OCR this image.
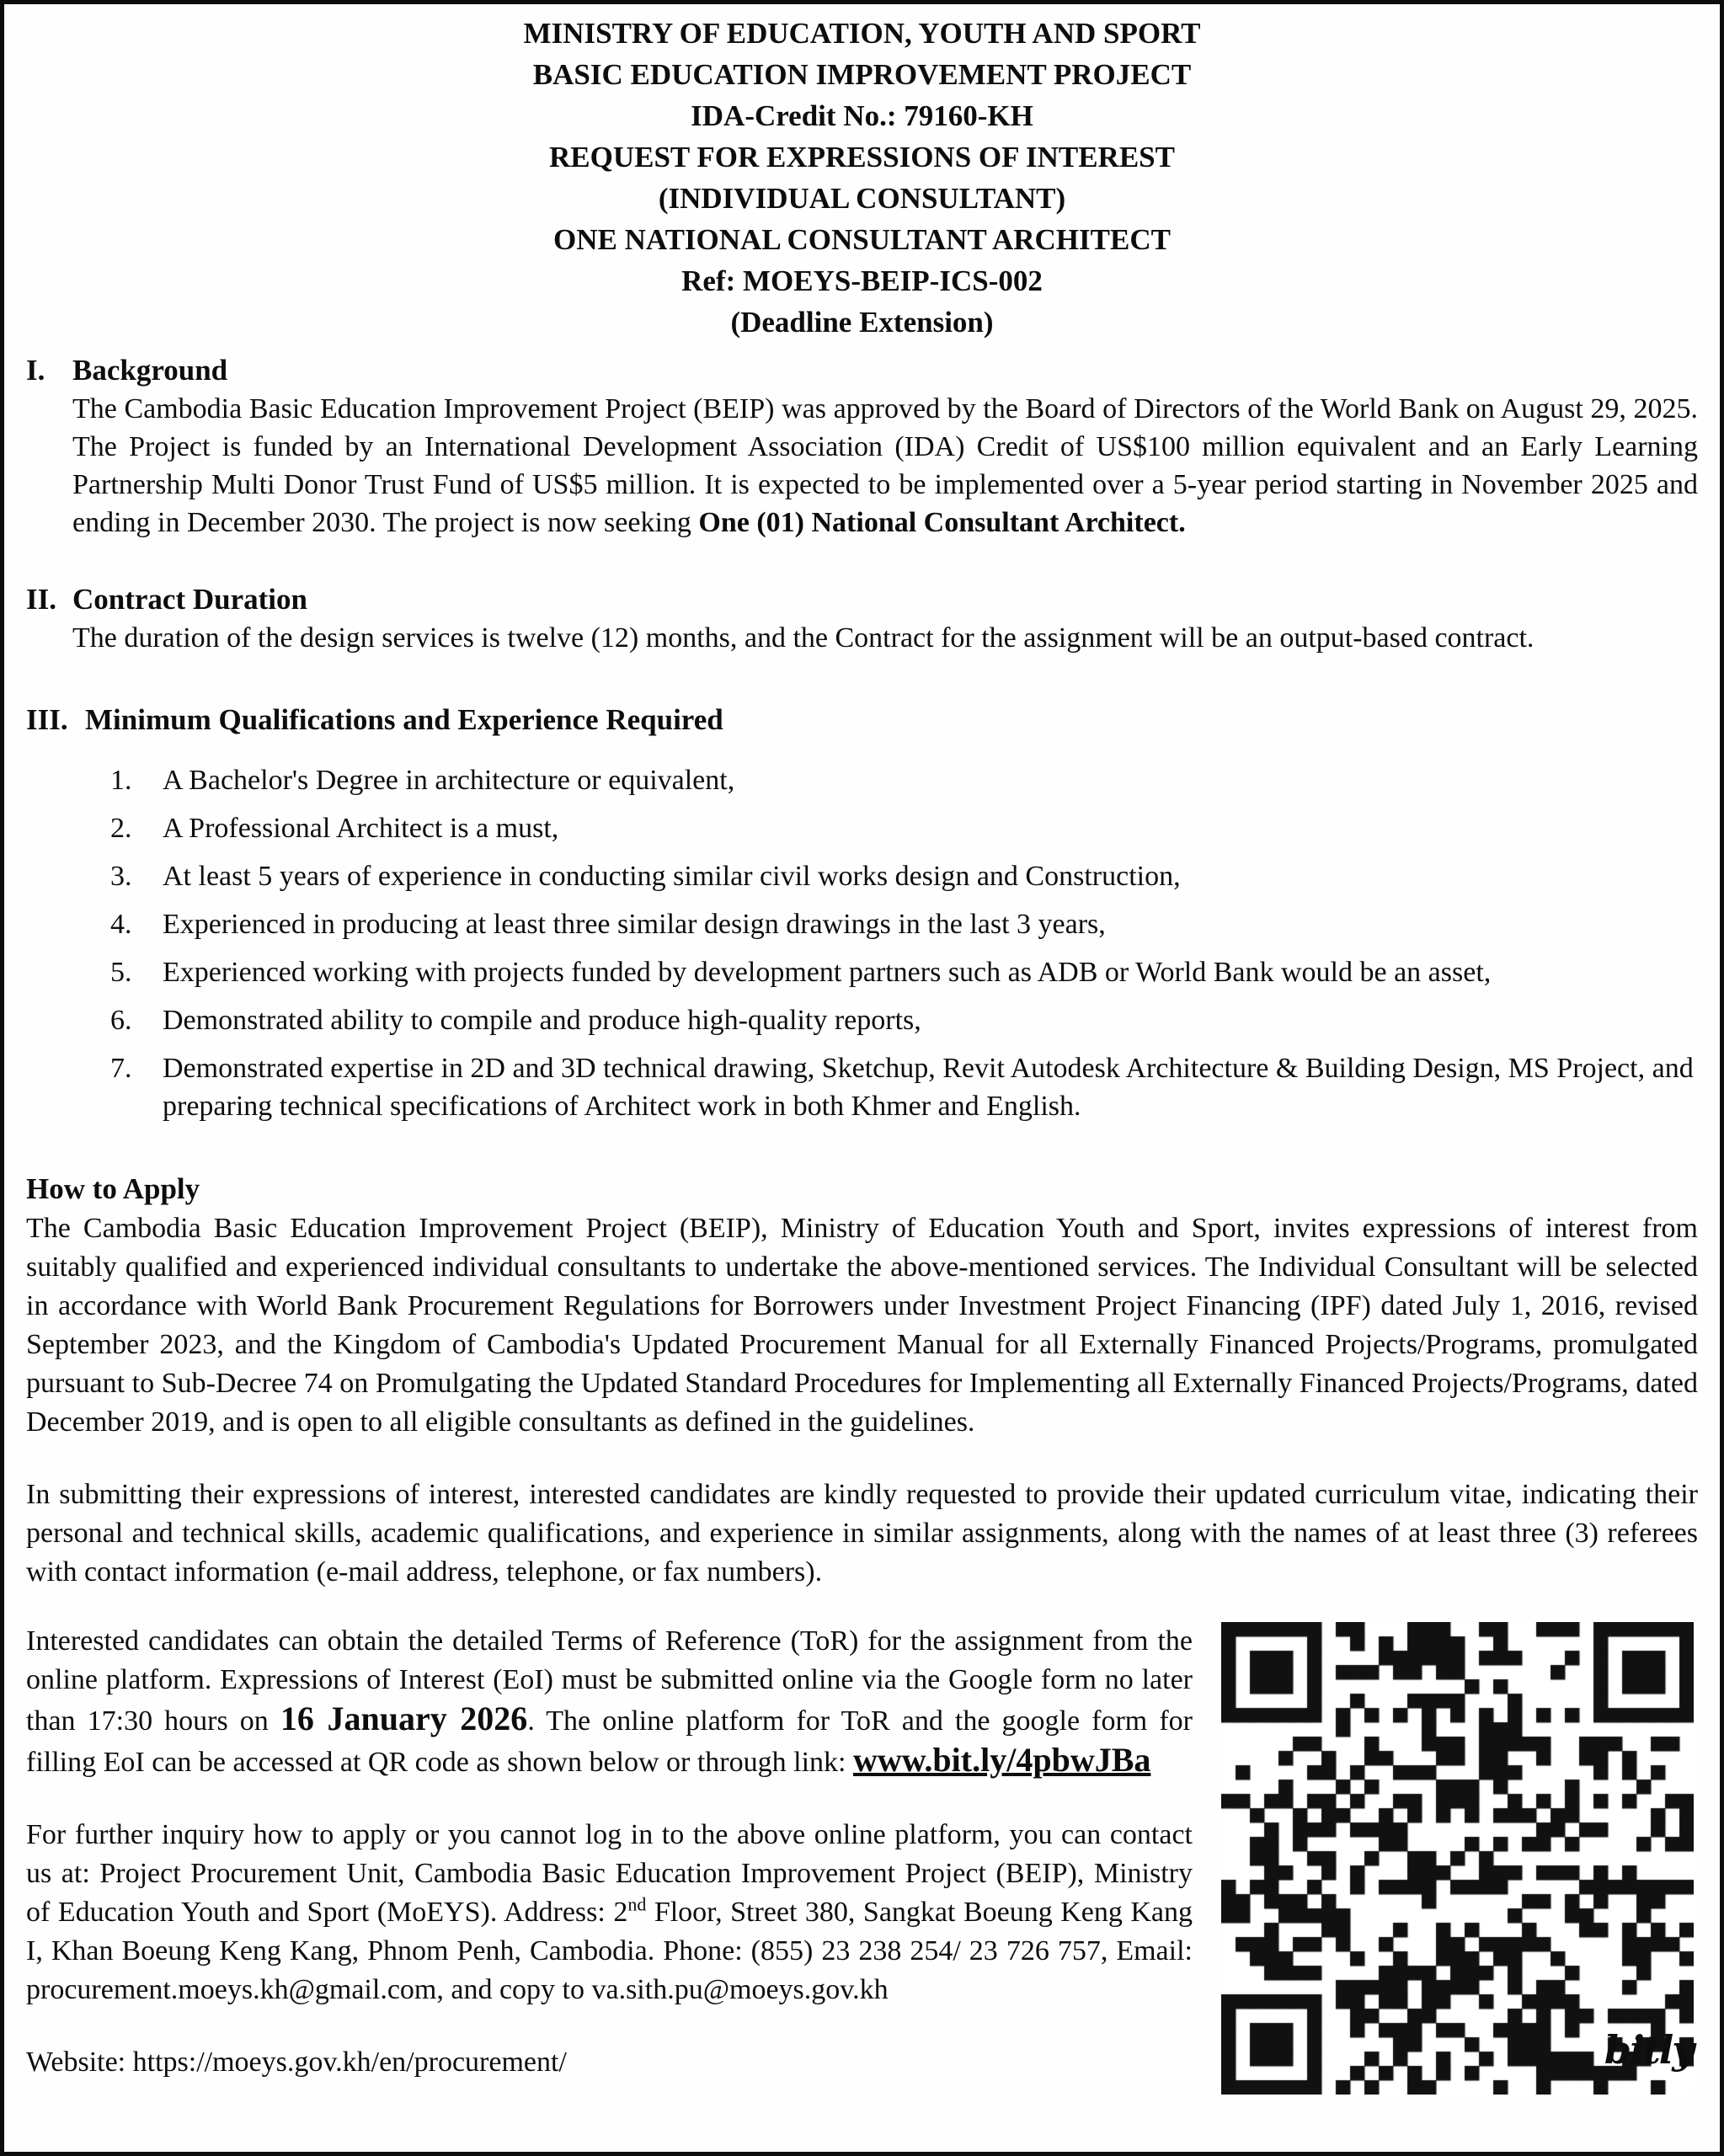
MINISTRY OF EDUCATION, YOUTH AND SPORT
BASIC EDUCATION IMPROVEMENT PROJECT
IDA-Credit No.: 79160-KH
REQUEST FOR EXPRESSIONS OF INTEREST
(INDIVIDUAL CONSULTANT)
ONE NATIONAL CONSULTANT ARCHITECT
Ref: MOEYS-BEIP-ICS-002
(Deadline Extension)
I. Background
The Cambodia Basic Education Improvement Project (BEIP) was approved by the Board of Directors of the World Bank on August 29, 2025. The Project is funded by an International Development Association (IDA) Credit of US$100 million equivalent and an Early Learning Partnership Multi Donor Trust Fund of US$5 million. It is expected to be implemented over a 5-year period starting in November 2025 and ending in December 2030. The project is now seeking One (01) National Consultant Architect.
II. Contract Duration
The duration of the design services is twelve (12) months, and the Contract for the assignment will be an output-based contract.
III. Minimum Qualifications and Experience Required
A Bachelor's Degree in architecture or equivalent,
A Professional Architect is a must,
At least 5 years of experience in conducting similar civil works design and Construction,
Experienced in producing at least three similar design drawings in the last 3 years,
Experienced working with projects funded by development partners such as ADB or World Bank would be an asset,
Demonstrated ability to compile and produce high-quality reports,
Demonstrated expertise in 2D and 3D technical drawing, Sketchup, Revit Autodesk Architecture & Building Design, MS Project, and preparing technical specifications of Architect work in both Khmer and English.
How to Apply
The Cambodia Basic Education Improvement Project (BEIP), Ministry of Education Youth and Sport, invites expressions of interest from suitably qualified and experienced individual consultants to undertake the above-mentioned services. The Individual Consultant will be selected in accordance with World Bank Procurement Regulations for Borrowers under Investment Project Financing (IPF) dated July 1, 2016, revised September 2023, and the Kingdom of Cambodia's Updated Procurement Manual for all Externally Financed Projects/Programs, promulgated pursuant to Sub-Decree 74 on Promulgating the Updated Standard Procedures for Implementing all Externally Financed Projects/Programs, dated December 2019, and is open to all eligible consultants as defined in the guidelines.
In submitting their expressions of interest, interested candidates are kindly requested to provide their updated curriculum vitae, indicating their personal and technical skills, academic qualifications, and experience in similar assignments, along with the names of at least three (3) referees with contact information (e-mail address, telephone, or fax numbers).
Interested candidates can obtain the detailed Terms of Reference (ToR) for the assignment from the online platform. Expressions of Interest (EoI) must be submitted online via the Google form no later than 17:30 hours on 16 January 2026. The online platform for ToR and the google form for filling EoI can be accessed at QR code as shown below or through link: www.bit.ly/4pbwJBa
For further inquiry how to apply or you cannot log in to the above online platform, you can contact us at: Project Procurement Unit, Cambodia Basic Education Improvement Project (BEIP), Ministry of Education Youth and Sport (MoEYS). Address: 2nd Floor, Street 380, Sangkat Boeung Keng Kang I, Khan Boeung Keng Kang, Phnom Penh, Cambodia. Phone: (855) 23 238 254/ 23 726 757, Email: procurement.moeys.kh@gmail.com, and copy to va.sith.pu@moeys.gov.kh
Website: https://moeys.gov.kh/en/procurement/	bitly
